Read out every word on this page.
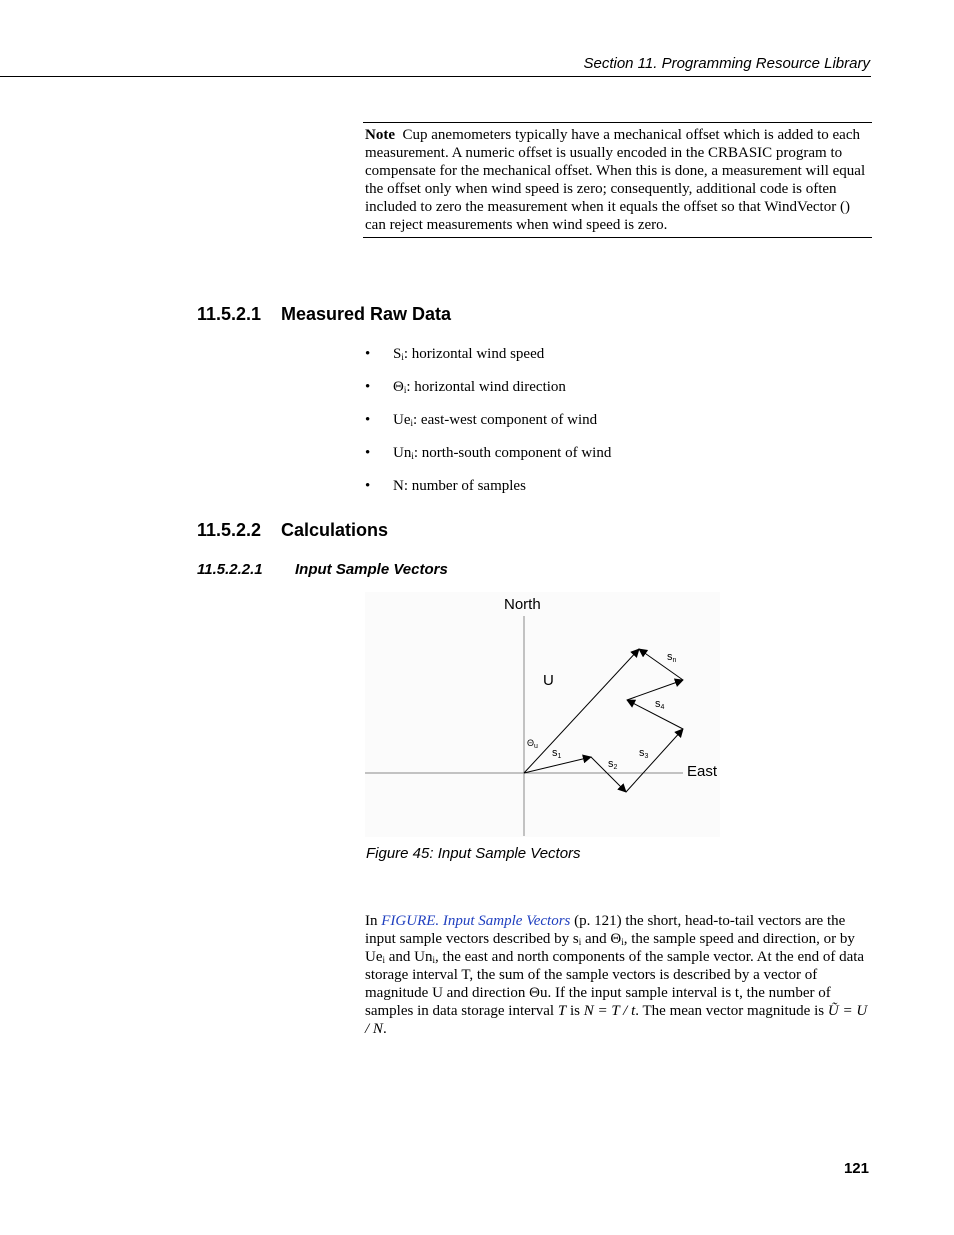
Section 11. Programming Resource Library
Note Cup anemometers typically have a mechanical offset which is added to each measurement. A numeric offset is usually encoded in the CRBASIC program to compensate for the mechanical offset. When this is done, a measurement will equal the offset only when wind speed is zero; consequently, additional code is often included to zero the measurement when it equals the offset so that WindVector () can reject measurements when wind speed is zero.
11.5.2.1 Measured Raw Data
• $S_i$: horizontal wind speed
• $\Theta_i$: horizontal wind direction
• $Ue_i$: east-west component of wind
• $Un_i$: north-south component of wind
• N: number of samples
11.5.2.2 Calculations
11.5.2.2.1 Input Sample Vectors
North
East
U
$\Theta_u$
$s_1$
$s_2$
$s_3$
$s_4$
$s_n$
Figure 45: Input Sample Vectors

In FIGURE. Input Sample Vectors (p. 121) the short, head-to-tail vectors are the input sample vectors described by $s_i$ and $\Theta_i$, the sample speed and direction, or by $Ue_i$ and $Un_i$, the east and north components of the sample vector. At the end of data storage interval T, the sum of the sample vectors is described by a vector of magnitude U and direction Θu. If the input sample interval is t, the number of samples in data storage interval T is N = T / t. The mean vector magnitude is Ũ = U / N.

121
